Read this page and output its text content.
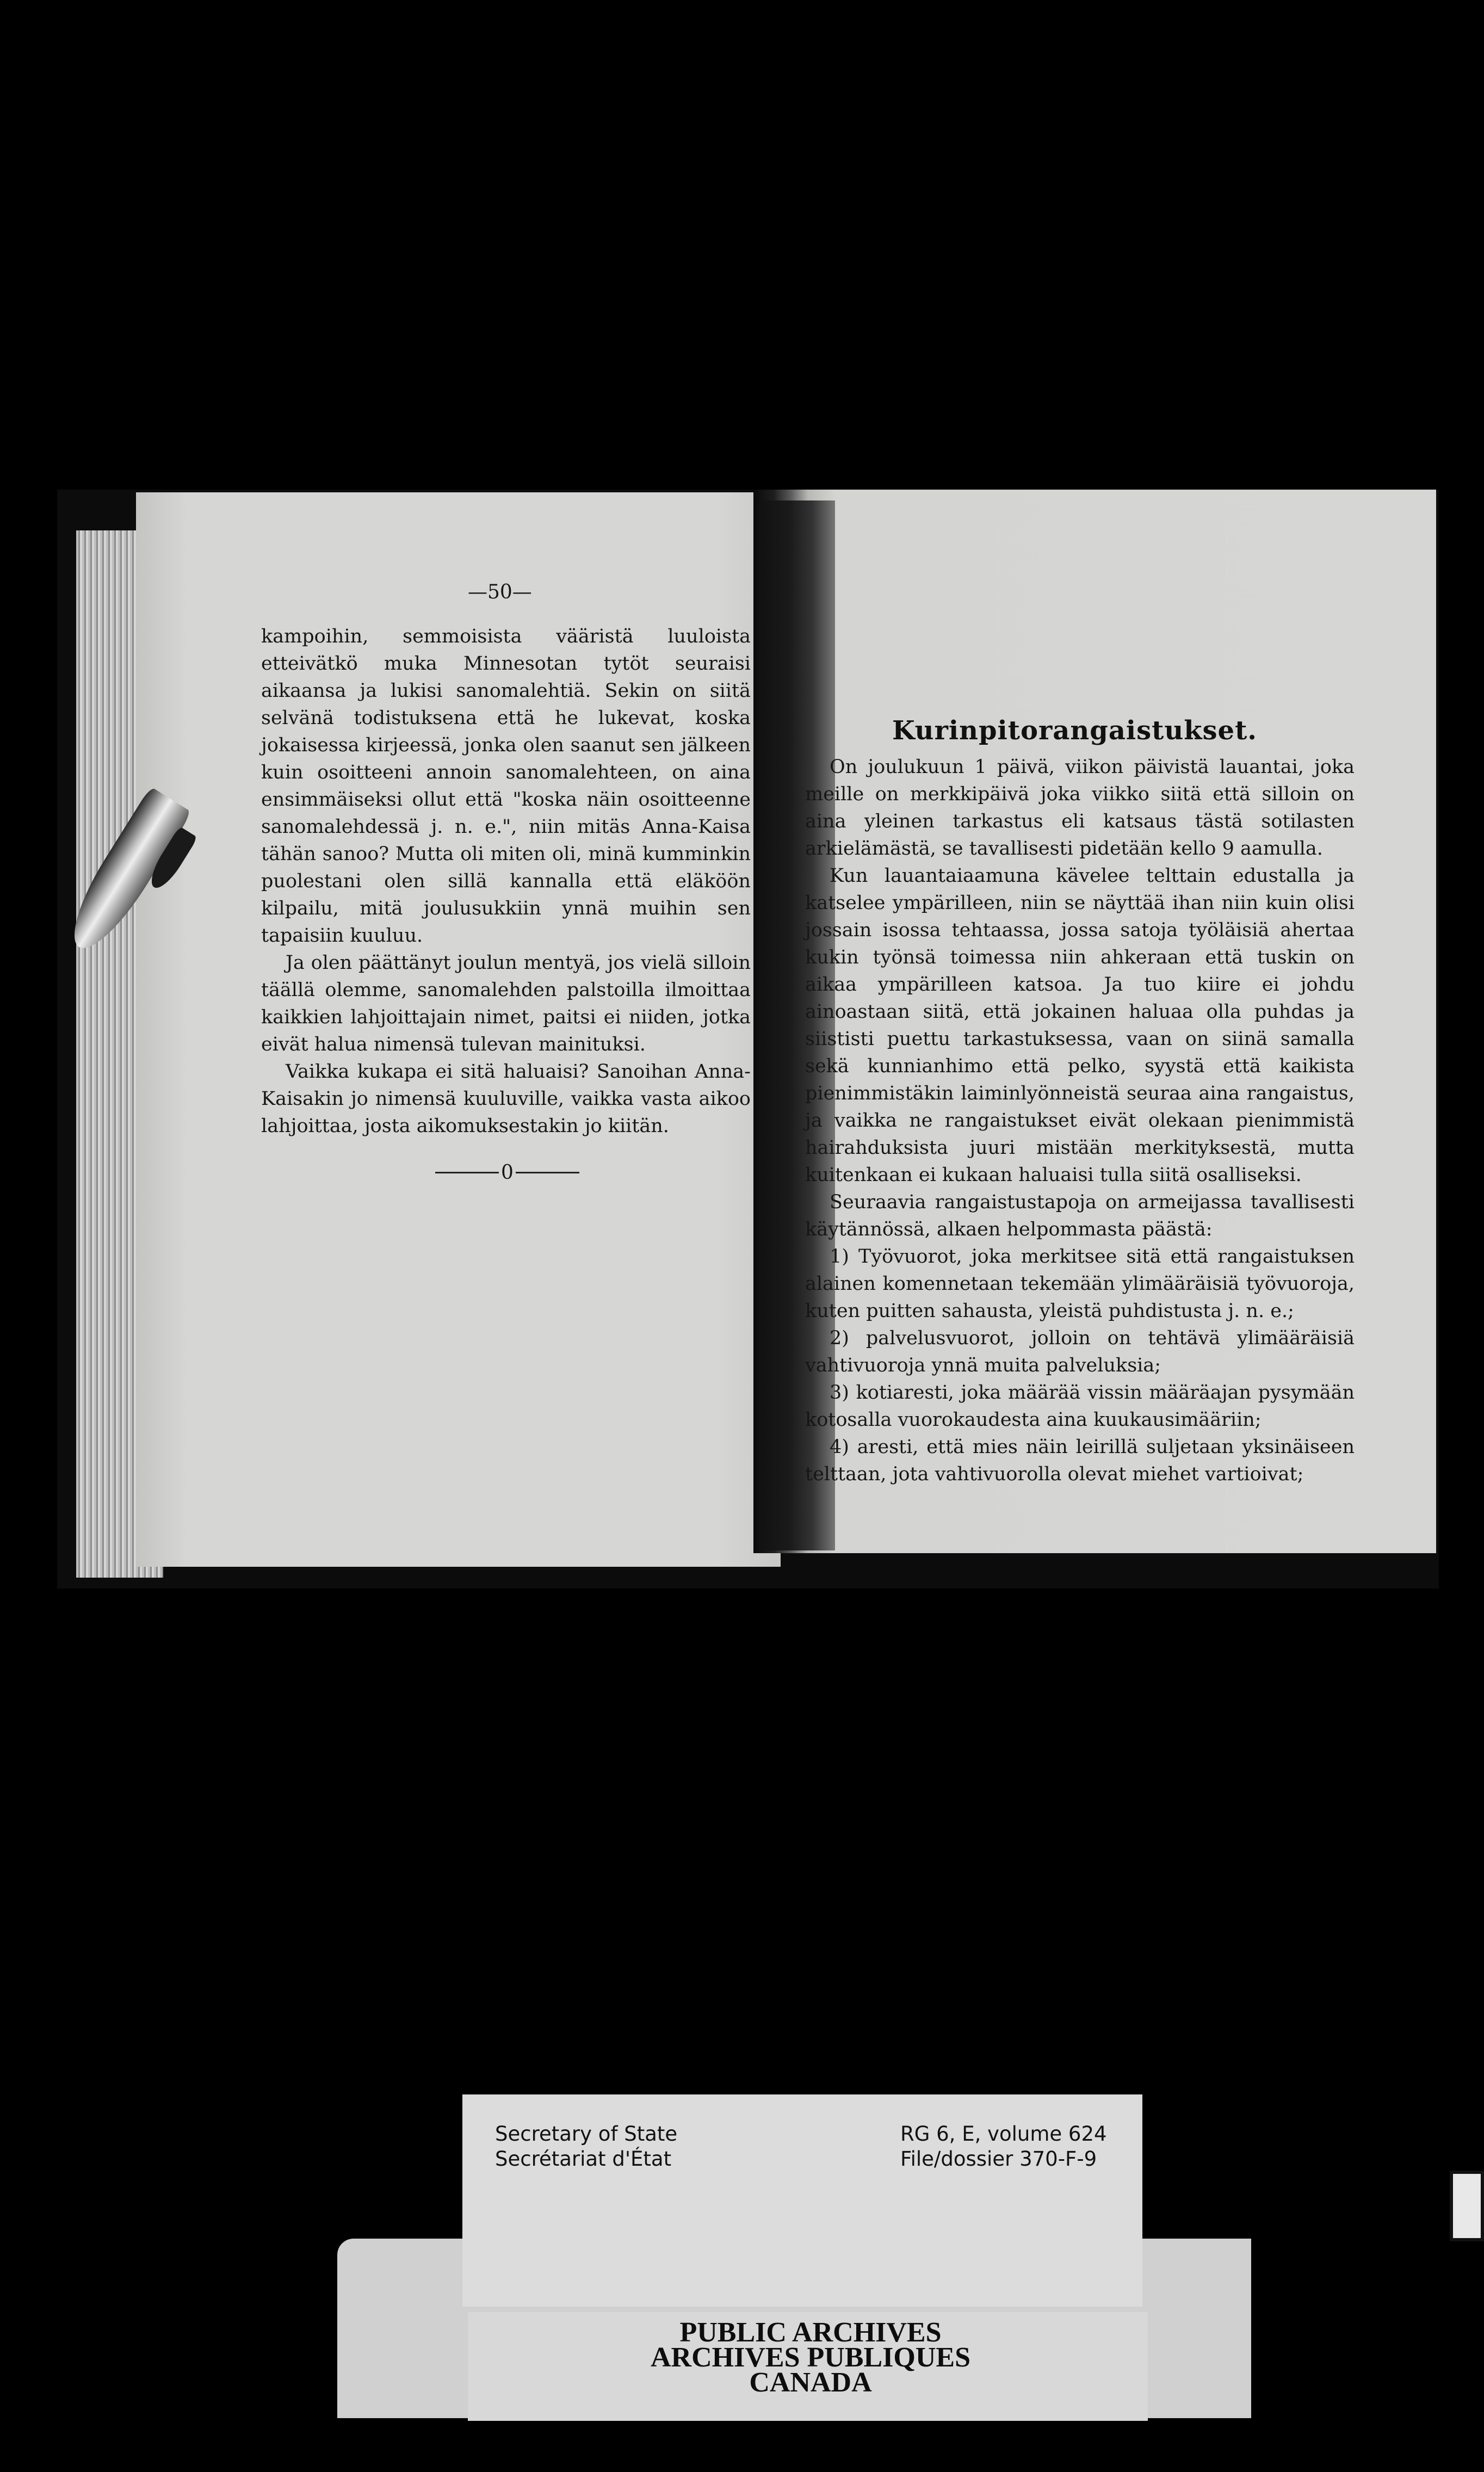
—50—

kampoihin, semmoisista vääristä luuloista etteivätkö muka Minnesotan tytöt seuraisi aikaansa ja lukisi sanomalehtiä. Sekin on siitä selvänä todistuksena että he lukevat, koska jokaisessa kirjeessä, jonka olen saanut sen jälkeen kuin osoitteeni annoin sanomalehteen, on aina ensimmäiseksi ollut että "koska näin osoitteenne sanomalehdessä j. n. e.", niin mitäs Anna-Kaisa tähän sanoo? Mutta oli miten oli, minä kumminkin puolestani olen sillä kannalla että eläköön kilpailu, mitä joulusukkiin ynnä muihin sen tapaisiin kuuluu.

Ja olen päättänyt joulun mentyä, jos vielä silloin täällä olemme, sanomalehden palstoilla ilmoittaa kaikkien lahjoittajain nimet, paitsi ei niiden, jotka eivät halua nimensä tulevan mainituksi.

Vaikka kukapa ei sitä haluaisi? Sanoihan Anna-Kaisakin jo nimensä kuuluville, vaikka vasta aikoo lahjoittaa, josta aikomuksestakin jo kiitän.

0
Kurinpitorangaistukset.

On joulukuun 1 päivä, viikon päivistä lauantai, joka meille on merkkipäivä joka viikko siitä että silloin on aina yleinen tarkastus eli katsaus tästä sotilasten arkielämästä, se tavallisesti pidetään kello 9 aamulla.

Kun lauantaiaamuna kävelee telttain edustalla ja katselee ympärilleen, niin se näyttää ihan niin kuin olisi jossain isossa tehtaassa, jossa satoja työläisiä ahertaa kukin työnsä toimessa niin ahkeraan että tuskin on aikaa ympärilleen katsoa. Ja tuo kiire ei johdu ainoastaan siitä, että jokainen haluaa olla puhdas ja siististi puettu tarkastuksessa, vaan on siinä samalla sekä kunnianhimo että pelko, syystä että kaikista pienimmistäkin laiminlyönneistä seuraa aina rangaistus, ja vaikka ne rangaistukset eivät olekaan pienimmistä hairahduksista juuri mistään merkityksestä, mutta kuitenkaan ei kukaan haluaisi tulla siitä osalliseksi.

Seuraavia rangaistustapoja on armeijassa tavallisesti käytännössä, alkaen helpommasta päästä:

1) Työvuorot, joka merkitsee sitä että rangaistuksen alainen komennetaan tekemään ylimääräisiä työvuoroja, kuten puitten sahausta, yleistä puhdistusta j. n. e.;

2) palvelusvuorot, jolloin on tehtävä ylimääräisiä vahtivuoroja ynnä muita palveluksia;

3) kotiaresti, joka määrää vissin määräajan pysymään kotosalla vuorokaudesta aina kuukausimääriin;

4) aresti, että mies näin leirillä suljetaan yksinäiseen telttaan, jota vahtivuorolla olevat miehet vartioivat;

Secretary of State
Secrétariat d'État
RG 6, E, volume 624
File/dossier 370-F-9
PUBLIC ARCHIVES
ARCHIVES PUBLIQUES
CANADA
